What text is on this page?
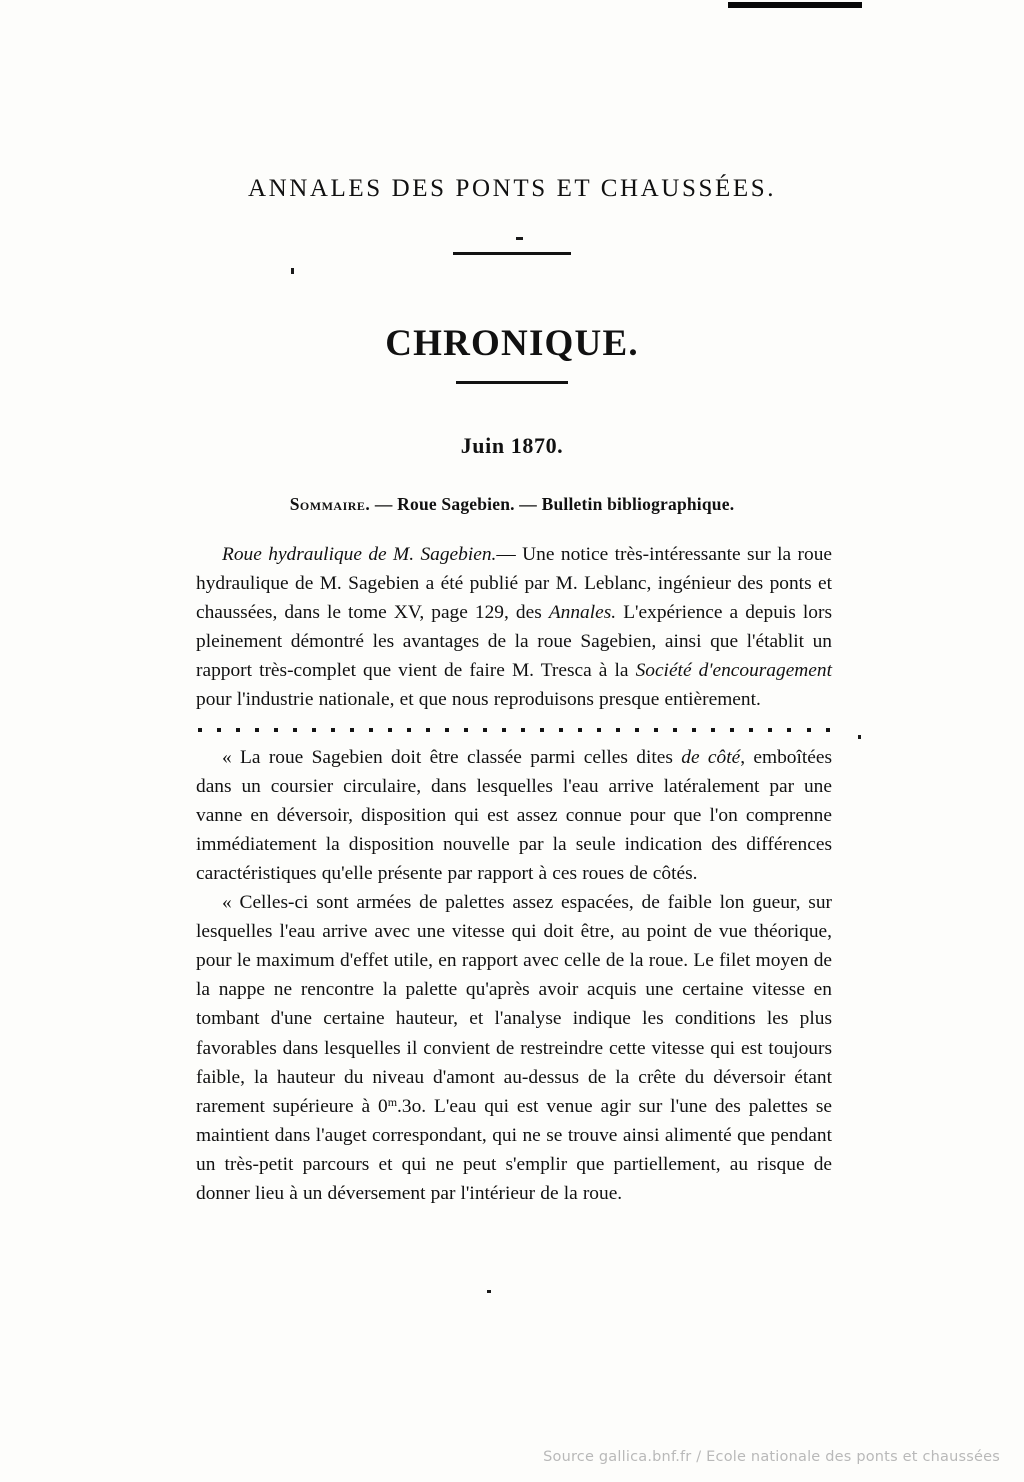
ANNALES DES PONTS ET CHAUSSÉES.
CHRONIQUE.
Juin 1870.
Sommaire. — Roue Sagebien. — Bulletin bibliographique.

Roue hydraulique de M. Sagebien.— Une notice très-intéressante sur la roue hydraulique de M. Sagebien a été publié par M. Leblanc, ingénieur des ponts et chaussées, dans le tome XV, page 129, des Annales. L'expérience a depuis lors pleinement démontré les avantages de la roue Sagebien, ainsi que l'établit un rapport très-complet que vient de faire M. Tresca à la Société d'encouragement pour l'industrie nationale, et que nous reproduisons presque entièrement.

« La roue Sagebien doit être classée parmi celles dites de côté, emboîtées dans un coursier circulaire, dans lesquelles l'eau arrive latéralement par une vanne en déversoir, disposition qui est assez connue pour que l'on comprenne immédiatement la disposition nouvelle par la seule indication des différences caractéristiques qu'elle présente par rapport à ces roues de côtés.

« Celles-ci sont armées de palettes assez espacées, de faible lon gueur, sur lesquelles l'eau arrive avec une vitesse qui doit être, au point de vue théorique, pour le maximum d'effet utile, en rapport avec celle de la roue. Le filet moyen de la nappe ne rencontre la palette qu'après avoir acquis une certaine vitesse en tombant d'une certaine hauteur, et l'analyse indique les conditions les plus favorables dans lesquelles il convient de restreindre cette vitesse qui est toujours faible, la hauteur du niveau d'amont au-dessus de la crête du déversoir étant rarement supérieure à 0$^m$.3o. L'eau qui est venue agir sur l'une des palettes se maintient dans l'auget correspondant, qui ne se trouve ainsi alimenté que pendant un très-petit parcours et qui ne peut s'emplir que partiellement, au risque de donner lieu à un déversement par l'intérieur de la roue.

Source gallica.bnf.fr / Ecole nationale des ponts et chaussées
